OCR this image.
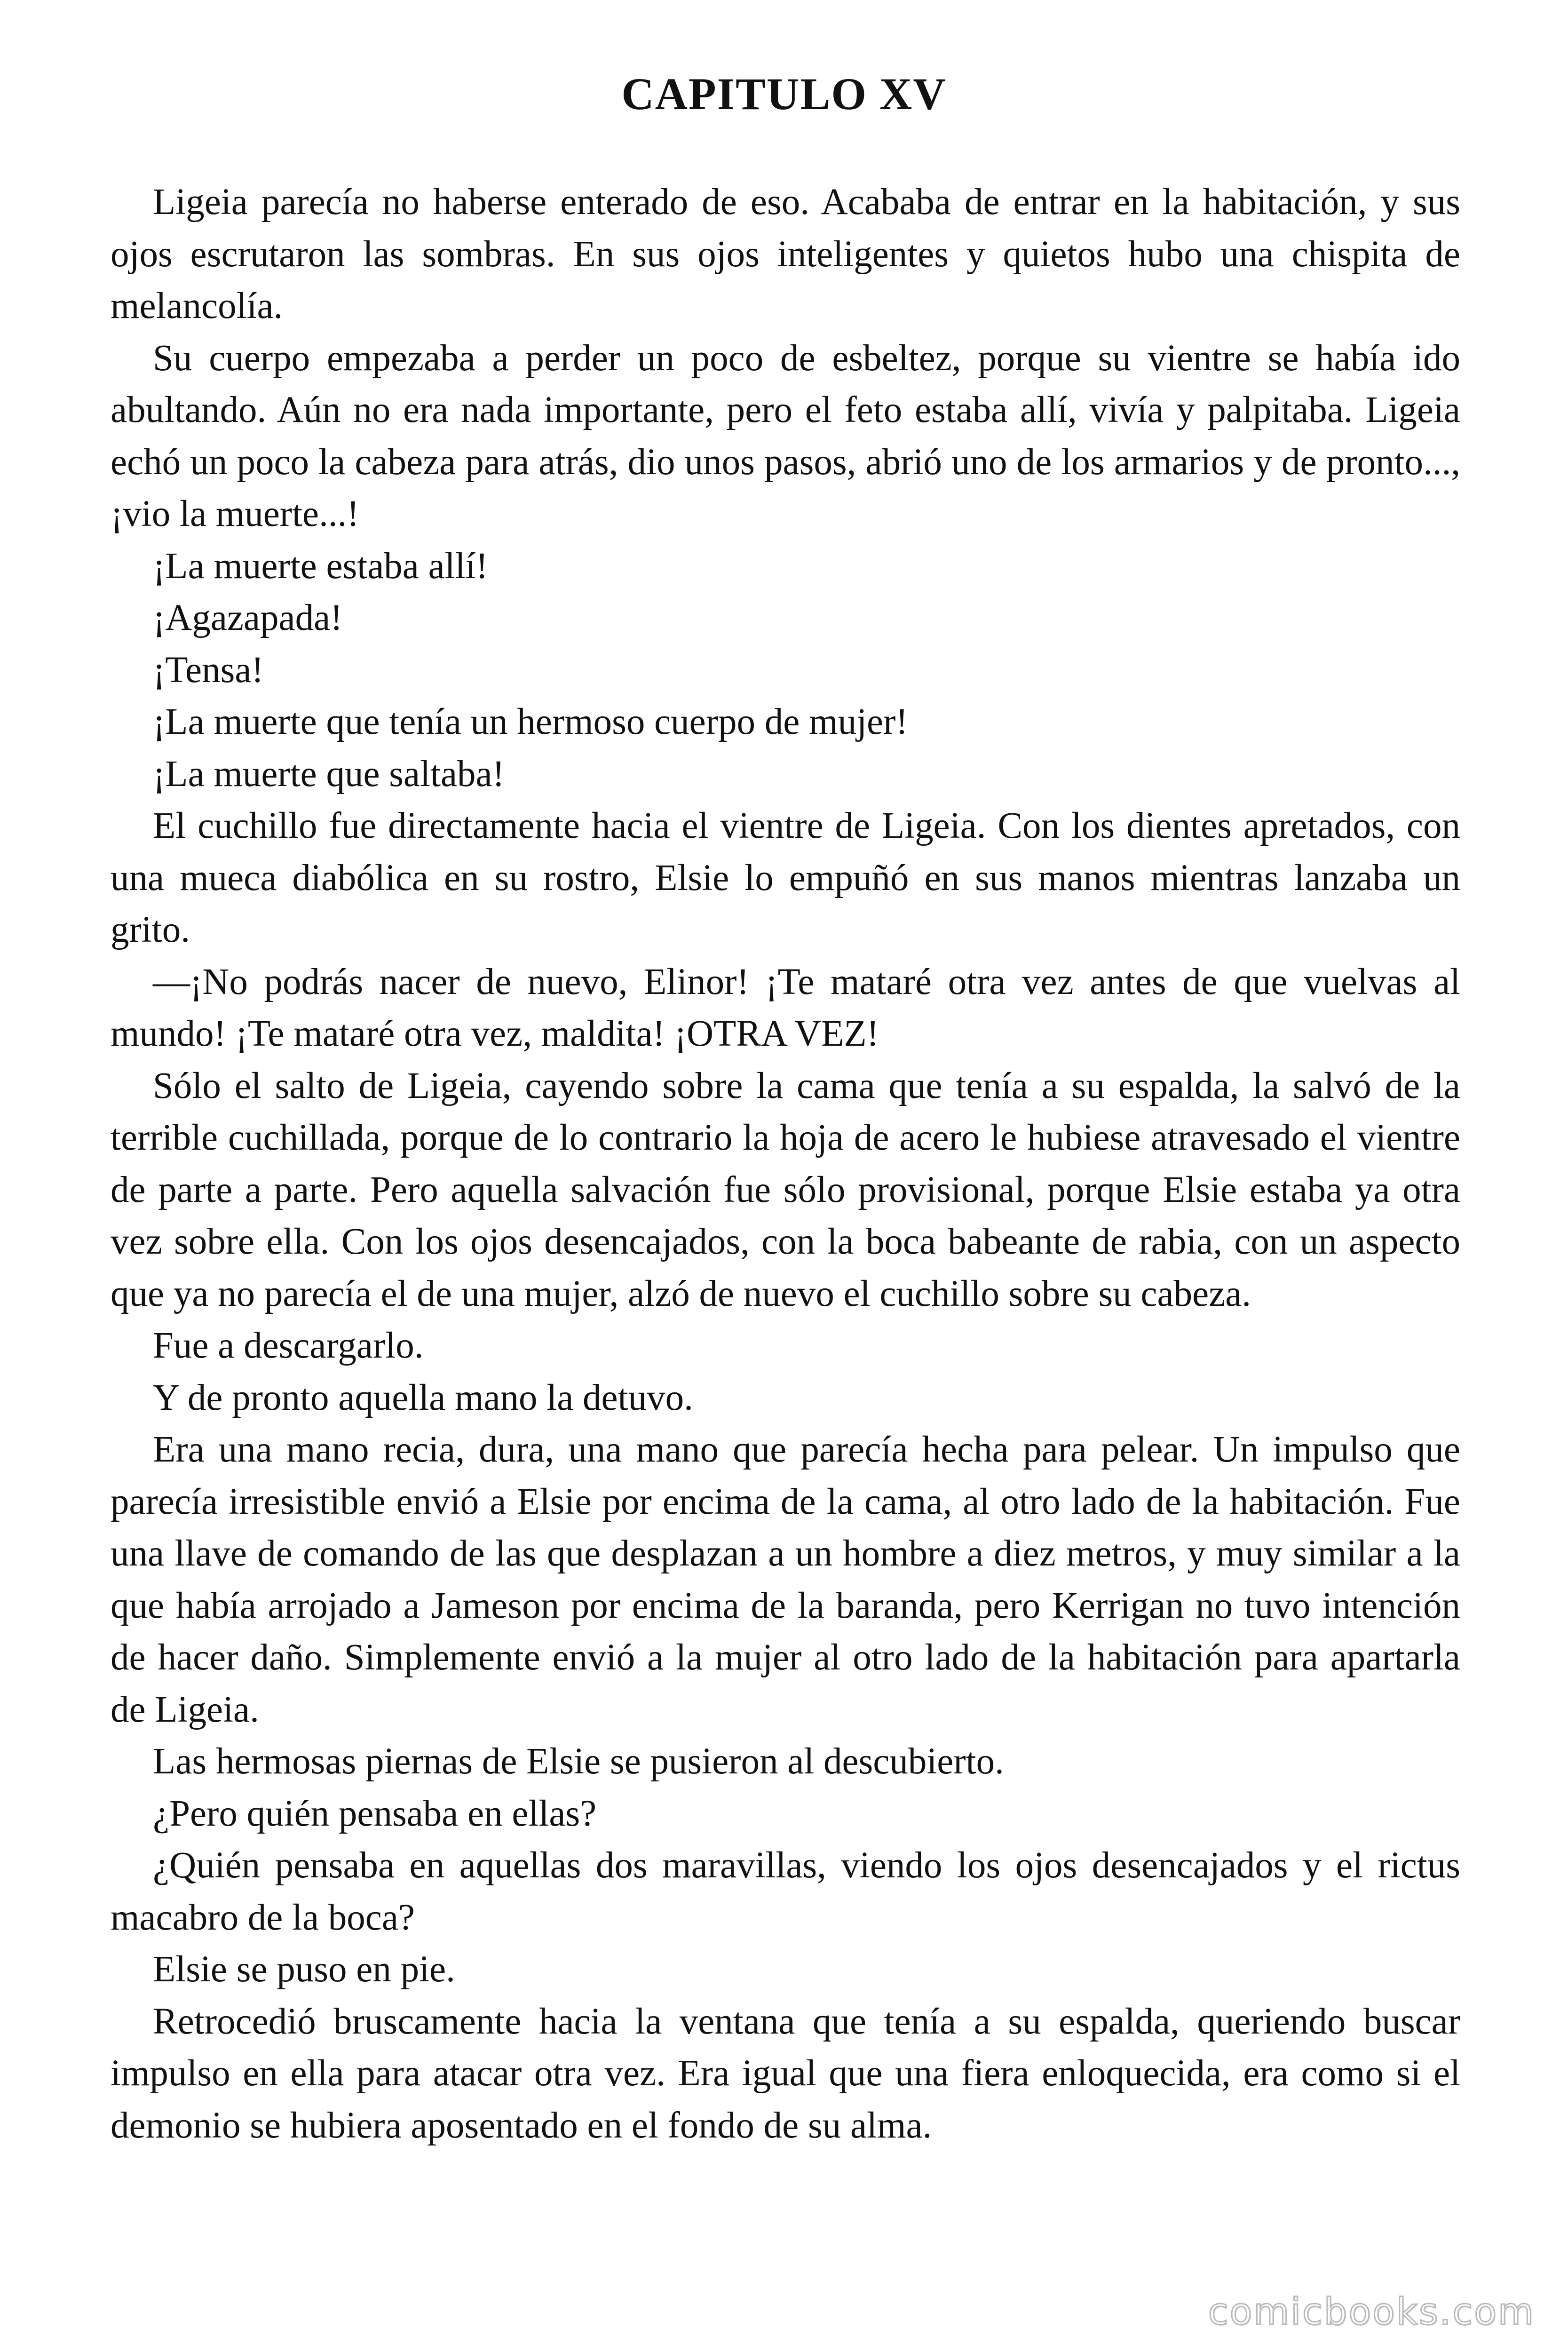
CAPITULO XV

Ligeia parecía no haberse enterado de eso. Acababa de entrar en la habitación, y sus ojos escrutaron las sombras. En sus ojos inteligentes y quietos hubo una chispita de melancolía.

Su cuerpo empezaba a perder un poco de esbeltez, porque su vientre se había ido abultando. Aún no era nada importante, pero el feto estaba allí, vivía y palpitaba. Ligeia echó un poco la cabeza para atrás, dio unos pasos, abrió uno de los armarios y de pronto..., ¡vio la muerte...!

¡La muerte estaba allí!

¡Agazapada!

¡Tensa!

¡La muerte que tenía un hermoso cuerpo de mujer!

¡La muerte que saltaba!

El cuchillo fue directamente hacia el vientre de Ligeia. Con los dientes apretados, con una mueca diabólica en su rostro, Elsie lo empuñó en sus manos mientras lanzaba un grito.

—¡No podrás nacer de nuevo, Elinor! ¡Te mataré otra vez antes de que vuelvas al mundo! ¡Te mataré otra vez, maldita! ¡OTRA VEZ!

Sólo el salto de Ligeia, cayendo sobre la cama que tenía a su espalda, la salvó de la terrible cuchillada, porque de lo contrario la hoja de acero le hubiese atravesado el vientre de parte a parte. Pero aquella salvación fue sólo provisional, porque Elsie estaba ya otra vez sobre ella. Con los ojos desencajados, con la boca babeante de rabia, con un aspecto que ya no parecía el de una mujer, alzó de nuevo el cuchillo sobre su cabeza.

Fue a descargarlo.

Y de pronto aquella mano la detuvo.

Era una mano recia, dura, una mano que parecía hecha para pelear. Un impulso que parecía irresistible envió a Elsie por encima de la cama, al otro lado de la habitación. Fue una llave de comando de las que desplazan a un hombre a diez metros, y muy similar a la que había arrojado a Jameson por encima de la baranda, pero Kerrigan no tuvo intención de hacer daño. Simplemente envió a la mujer al otro lado de la habitación para apartarla de Ligeia.

Las hermosas piernas de Elsie se pusieron al descubierto.

¿Pero quién pensaba en ellas?

¿Quién pensaba en aquellas dos maravillas, viendo los ojos desencajados y el rictus macabro de la boca?

Elsie se puso en pie.

Retrocedió bruscamente hacia la ventana que tenía a su espalda, queriendo buscar impulso en ella para atacar otra vez. Era igual que una fiera enloquecida, era como si el demonio se hubiera aposentado en el fondo de su alma.

comicbooks.com
